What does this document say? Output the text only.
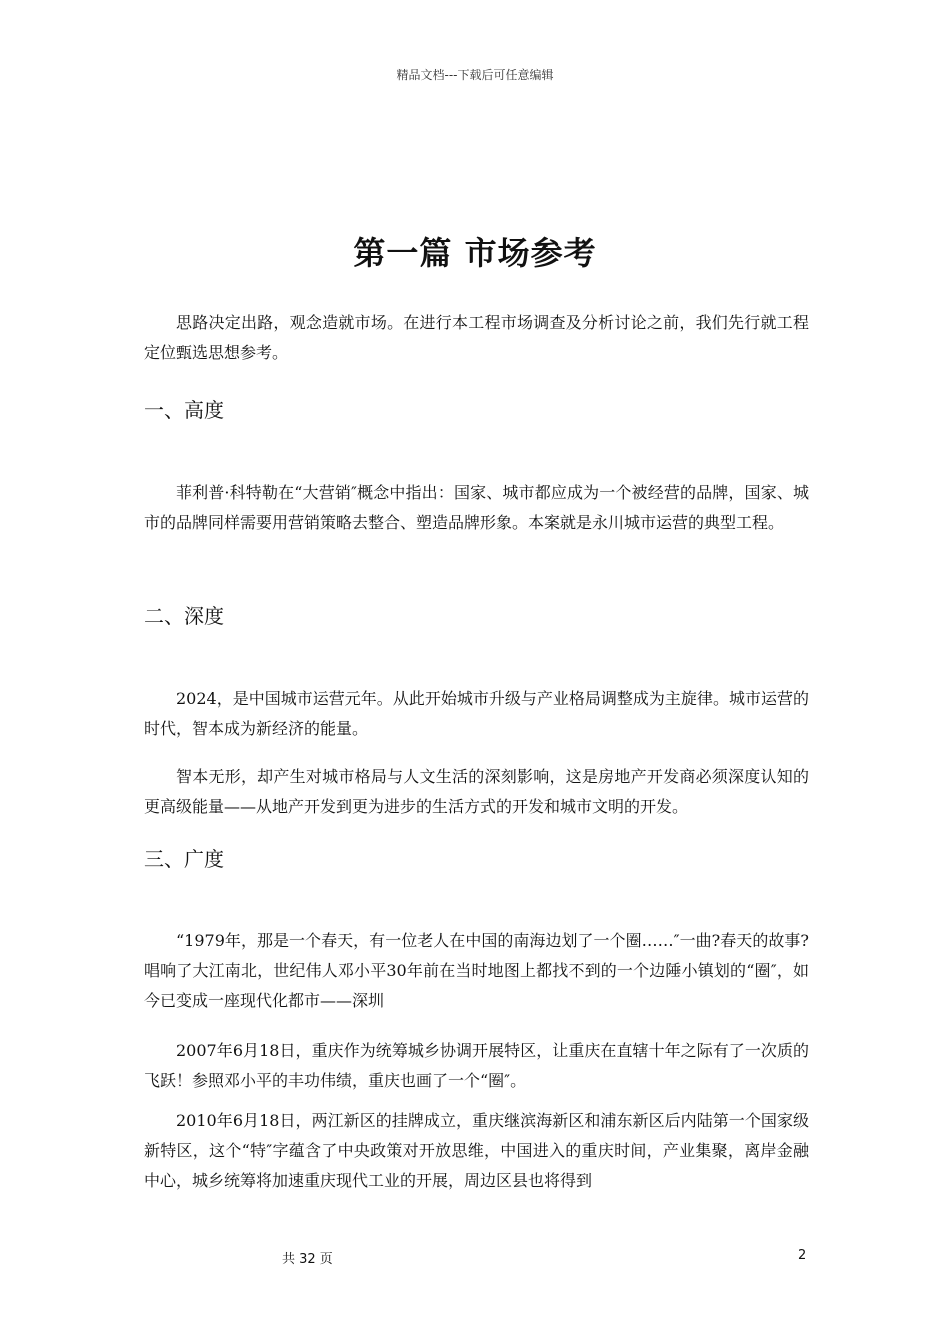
精品文档---下载后可任意编辑
第一篇 市场参考
思路决定出路，观念造就市场。在进行本工程市场调查及分析讨论之前，我们先行就工程定位甄选思想参考。
一、高度
菲利普·科特勒在“大营销″概念中指出：国家、城市都应成为一个被经营的品牌，国家、城市的品牌同样需要用营销策略去整合、塑造品牌形象。本案就是永川城市运营的典型工程。
二、深度
2024，是中国城市运营元年。从此开始城市升级与产业格局调整成为主旋律。城市运营的时代，智本成为新经济的能量。
智本无形，却产生对城市格局与人文生活的深刻影响，这是房地产开发商必须深度认知的更高级能量——从地产开发到更为进步的生活方式的开发和城市文明的开发。
三、广度
“1979年，那是一个春天，有一位老人在中国的南海边划了一个圈……″一曲?春天的故事?唱响了大江南北，世纪伟人邓小平30年前在当时地图上都找不到的一个边陲小镇划的“圈″，如今已变成一座现代化都市——深圳
2007年6月18日，重庆作为统筹城乡协调开展特区，让重庆在直辖十年之际有了一次质的飞跃！参照邓小平的丰功伟绩，重庆也画了一个“圈″。
2010年6月18日，两江新区的挂牌成立，重庆继滨海新区和浦东新区后内陆第一个国家级新特区，这个“特″字蕴含了中央政策对开放思维，中国进入的重庆时间，产业集聚，离岸金融中心，城乡统筹将加速重庆现代工业的开展，周边区县也将得到
共 32 页	2
